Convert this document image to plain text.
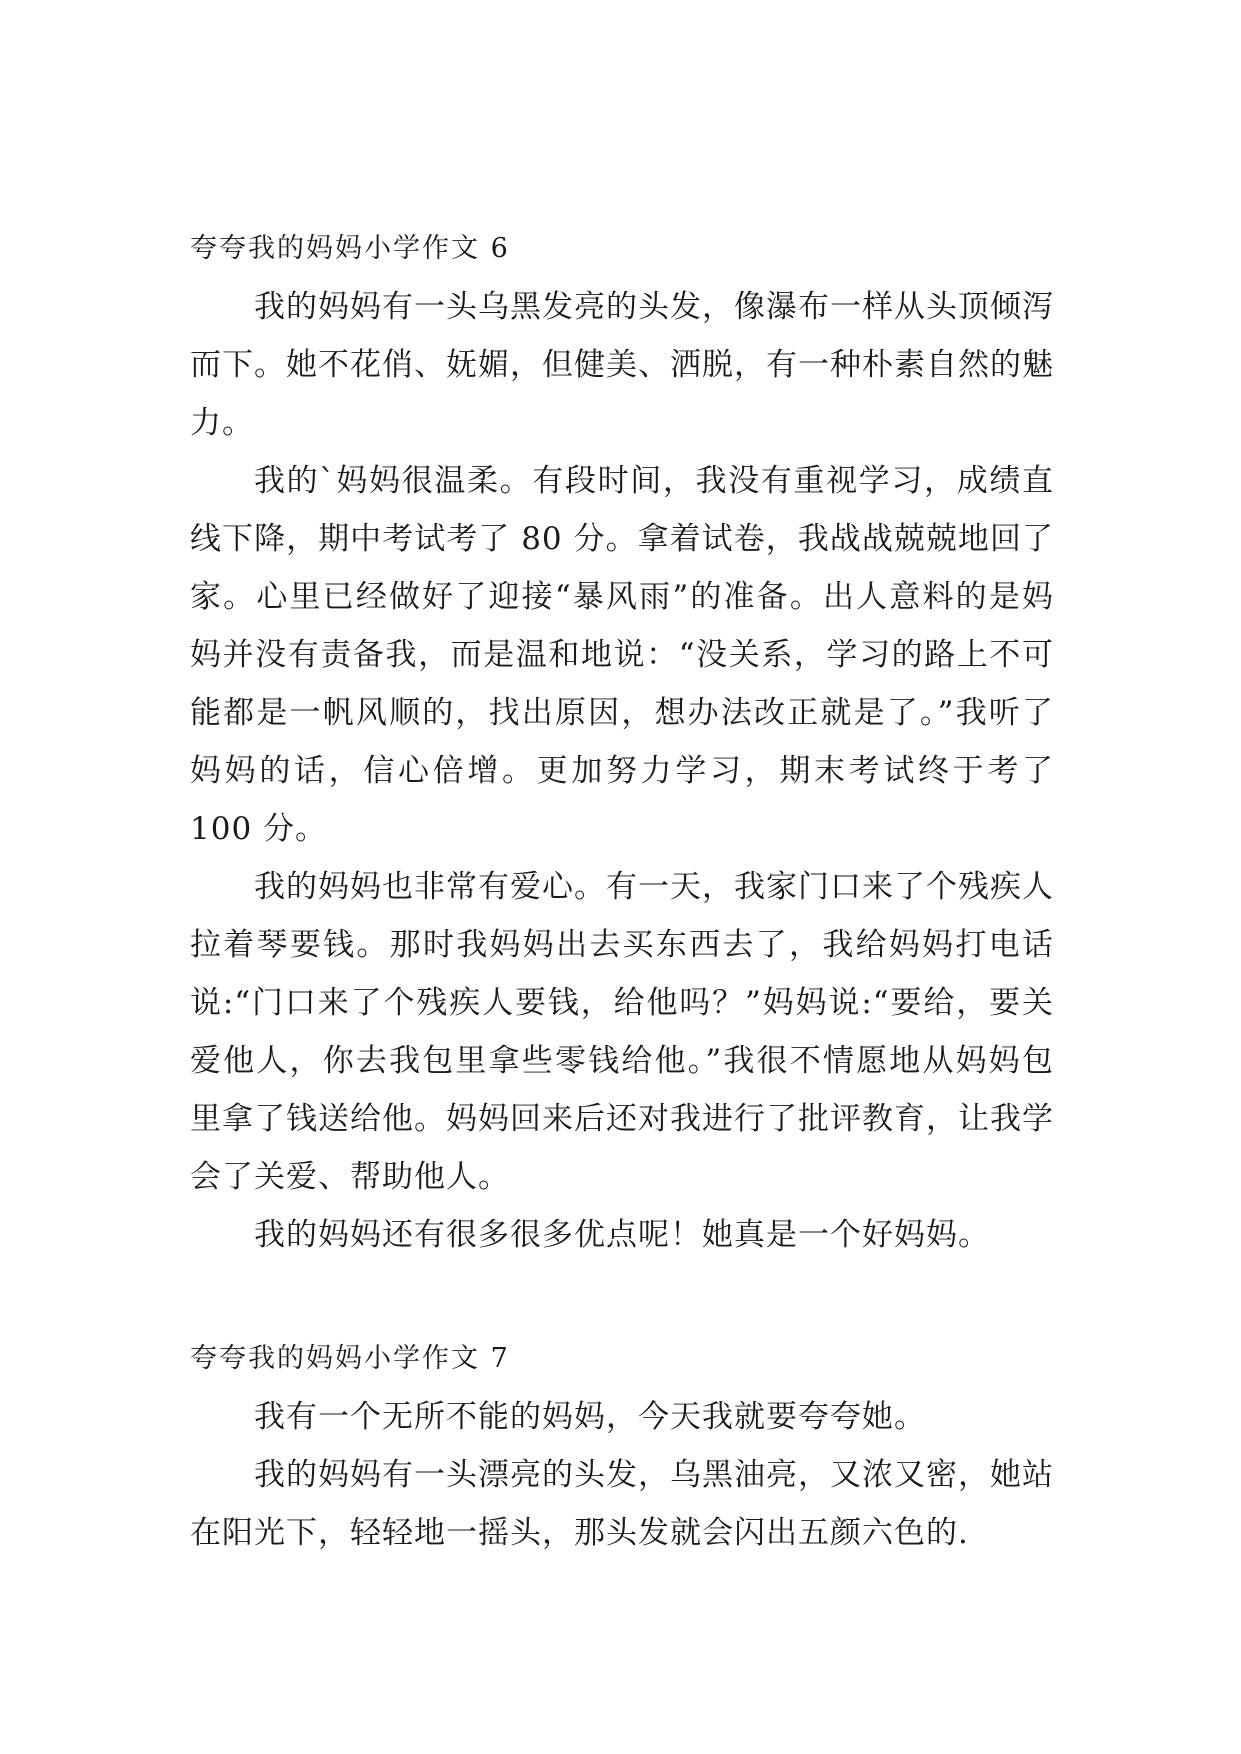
夸夸我的妈妈小学作文 6

我的妈妈有一头乌黑发亮的头发，像瀑布一样从头顶倾泻而下。她不花俏、妩媚，但健美、洒脱，有一种朴素自然的魅力。

我的`妈妈很温柔。有段时间，我没有重视学习，成绩直线下降，期中考试考了 80 分。拿着试卷，我战战兢兢地回了家。心里已经做好了迎接“暴风雨”的准备。出人意料的是妈妈并没有责备我，而是温和地说：“没关系，学习的路上不可能都是一帆风顺的，找出原因，想办法改正就是了。”我听了妈妈的话，信心倍增。更加努力学习，期末考试终于考了 100 分。

我的妈妈也非常有爱心。有一天，我家门口来了个残疾人拉着琴要钱。那时我妈妈出去买东西去了，我给妈妈打电话说:“门口来了个残疾人要钱，给他吗？”妈妈说:“要给，要关爱他人，你去我包里拿些零钱给他。”我很不情愿地从妈妈包里拿了钱送给他。妈妈回来后还对我进行了批评教育，让我学会了关爱、帮助他人。

我的妈妈还有很多很多优点呢！她真是一个好妈妈。

夸夸我的妈妈小学作文 7

我有一个无所不能的妈妈，今天我就要夸夸她。

我的妈妈有一头漂亮的头发，乌黑油亮，又浓又密，她站在阳光下，轻轻地一摇头，那头发就会闪出五颜六色的.
